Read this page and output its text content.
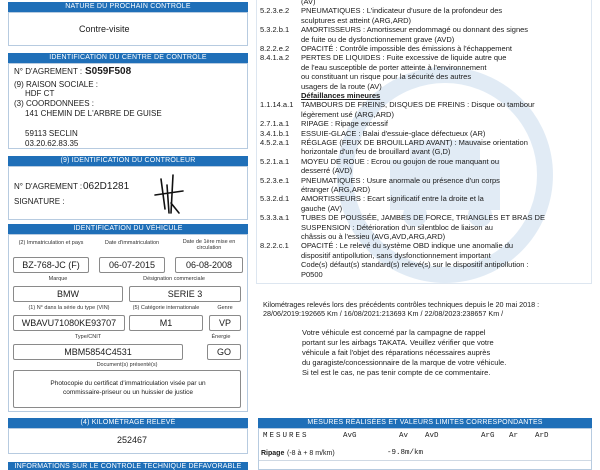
NATURE DU PROCHAIN CONTRÔLE
Contre-visite
IDENTIFICATION DU CENTRE DE CONTRÔLE
N° D'AGREMENT : S059F508
(9) RAISON SOCIALE :
HDF CT
(3) COORDONNEES :
141 CHEMIN DE L'ARBRE DE GUISE
59113 SECLIN
03.20.62.83.35
(9) IDENTIFICATION DU CONTRÔLEUR
N° D'AGREMENT : 062D1281
SIGNATURE :
IDENTIFICATION DU VÉHICULE
(2) Immatriculation et pays	Date d'immatriculation	Date de 1ère mise en circulation
BZ-768-JC (F)	06-07-2015	06-08-2008
Marque	Désignation commerciale
BMW	SERIE 3
(1) N° dans la série du type (VIN)	(5) Catégorie internationale	Genre
WBAVU71080KE93707	M1	VP
Type/CNIT	Énergie
MBM5854C4531	GO
Document(s) présenté(s)
Photocopie du certificat d'immatriculation visée par un commissaire-priseur ou un huissier de justice
(4) KILOMÉTRAGE RELEVÉ
252467
INFORMATIONS SUR LE CONTRÔLE TECHNIQUE DÉFAVORABLE
(AV)
5.2.3.e.2	PNEUMATIQUES : L'indicateur d'usure de la profondeur des
sculptures est atteint (ARG,ARD)
5.3.2.b.1	AMORTISSEURS : Amortisseur endommagé ou donnant des signes
de fuite ou de dysfonctionnement grave (AVD)
8.2.2.e.2	OPACITÉ : Contrôle impossible des émissions à l'échappement
8.4.1.a.2	PERTES DE LIQUIDES : Fuite excessive de liquide autre que
de l'eau susceptible de porter atteinte à l'environnement
ou constituant un risque pour la sécurité des autres
usagers de la route (AV)
Défaillances mineures
1.1.14.a.1	TAMBOURS DE FREINS, DISQUES DE FREINS : Disque ou tambour
légèrement usé (ARG,ARD)
2.7.1.a.1	RIPAGE : Ripage excessif
3.4.1.b.1	ESSUIE-GLACE : Balai d'essuie-glace défectueux (AR)
4.5.2.a.1	RÉGLAGE (FEUX DE BROUILLARD AVANT) : Mauvaise orientation
horizontale d'un feu de brouillard avant (G,D)
5.2.1.a.1	MOYEU DE ROUE : Ecrou ou goujon de roue manquant ou
desserré (AVD)
5.2.3.e.1	PNEUMATIQUES : Usure anormale ou présence d'un corps
étranger (ARG,ARD)
5.3.2.d.1	AMORTISSEURS : Ecart significatif entre la droite et la
gauche (AV)
5.3.3.a.1	TUBES DE POUSSÉE, JAMBES DE FORCE, TRIANGLES ET BRAS DE
SUSPENSION : Détérioration d'un silentbloc de liaison au
châssis ou à l'essieu (AVG,AVD,ARG,ARD)
8.2.2.c.1	OPACITÉ : Le relevé du système OBD indique une anomalie du
dispositif antipollution, sans dysfonctionnement important
Code(s) défaut(s) standard(s) relevé(s) sur le dispositif antipollution :
P0500
Kilométrages relevés lors des précédents contrôles techniques depuis le 20 mai 2018 :
28/06/2019:192665 Km / 16/08/2021:213693 Km / 22/08/2023:238657 Km /
Votre véhicule est concerné par la campagne de rappel
portant sur les airbags TAKATA. Veuillez vérifier que votre
véhicule a fait l'objet des réparations nécessaires auprès
du garagiste/concessionnaire de la marque de votre véhicule.
Si tel est le cas, ne pas tenir compte de ce commentaire.
MESURES RÉALISÉES ET VALEURS LIMITES CORRESPONDANTES
MESURES	AvG	Av AvD	ArG Ar ArD
Ripage (-8 à + 8 m/km)	-9.8m/km
